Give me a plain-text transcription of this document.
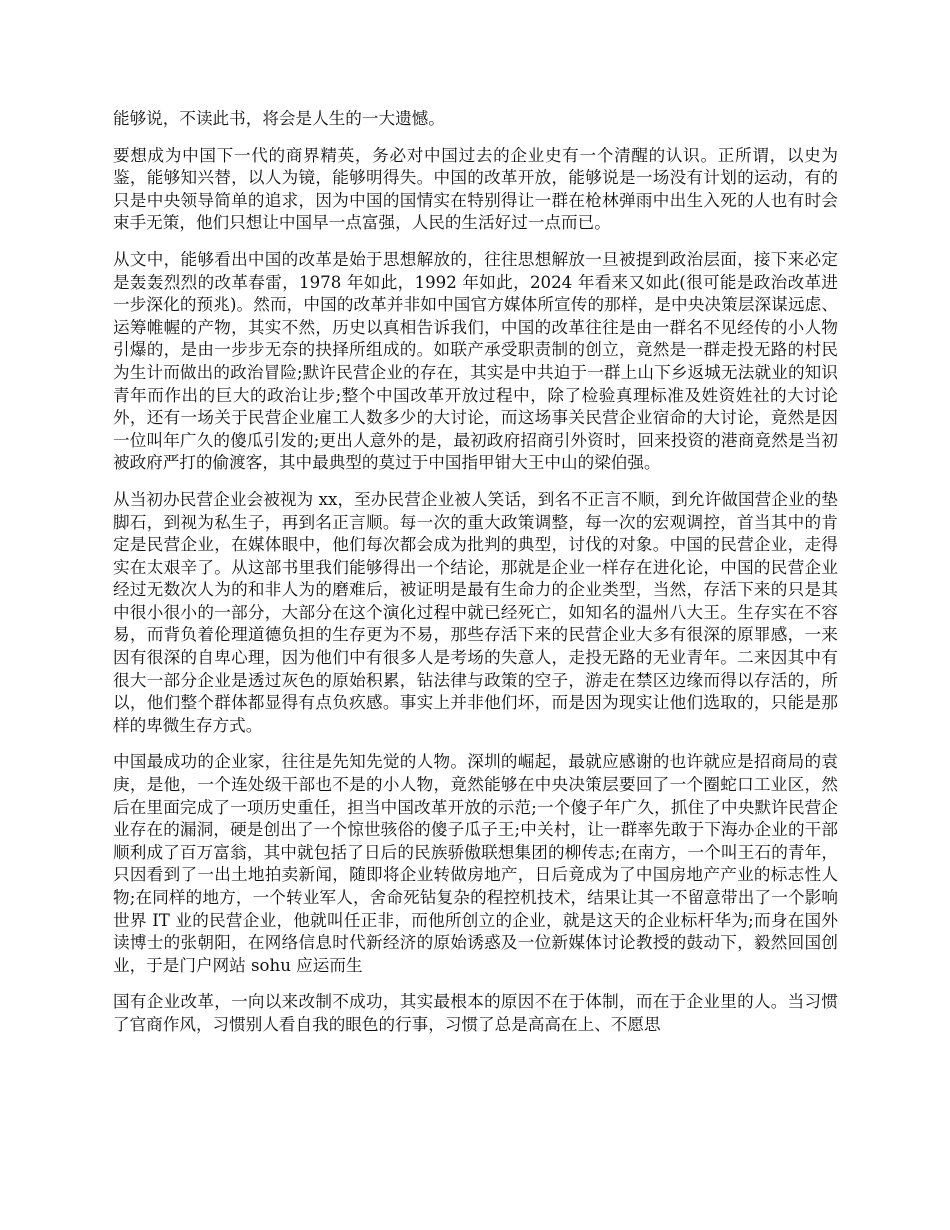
能够说，不读此书，将会是人生的一大遗憾。

要想成为中国下一代的商界精英，务必对中国过去的企业史有一个清醒的认识。正所谓，以史为鉴，能够知兴替，以人为镜，能够明得失。中国的改革开放，能够说是一场没有计划的运动，有的只是中央领导简单的追求，因为中国的国情实在特别得让一群在枪林弹雨中出生入死的人也有时会束手无策，他们只想让中国早一点富强，人民的生活好过一点而已。

从文中，能够看出中国的改革是始于思想解放的，往往思想解放一旦被提到政治层面，接下来必定是轰轰烈烈的改革春雷，1978 年如此，1992 年如此，2024 年看来又如此(很可能是政治改革进一步深化的预兆)。然而，中国的改革并非如中国官方媒体所宣传的那样，是中央决策层深谋远虑、运筹帷幄的产物，其实不然，历史以真相告诉我们，中国的改革往往是由一群名不见经传的小人物引爆的，是由一步步无奈的抉择所组成的。如联产承受职责制的创立，竟然是一群走投无路的村民为生计而做出的政治冒险;默许民营企业的存在，其实是中共迫于一群上山下乡返城无法就业的知识青年而作出的巨大的政治让步;整个中国改革开放过程中，除了检验真理标准及姓资姓社的大讨论外，还有一场关于民营企业雇工人数多少的大讨论，而这场事关民营企业宿命的大讨论，竟然是因一位叫年广久的傻瓜引发的;更出人意外的是，最初政府招商引外资时，回来投资的港商竟然是当初被政府严打的偷渡客，其中最典型的莫过于中国指甲钳大王中山的梁伯强。

从当初办民营企业会被视为 xx，至办民营企业被人笑话，到名不正言不顺，到允许做国营企业的垫脚石，到视为私生子，再到名正言顺。每一次的重大政策调整，每一次的宏观调控，首当其中的肯定是民营企业，在媒体眼中，他们每次都会成为批判的典型，讨伐的对象。中国的民营企业，走得实在太艰辛了。从这部书里我们能够得出一个结论，那就是企业一样存在进化论，中国的民营企业经过无数次人为的和非人为的磨难后，被证明是最有生命力的企业类型，当然，存活下来的只是其中很小很小的一部分，大部分在这个演化过程中就已经死亡，如知名的温州八大王。生存实在不容易，而背负着伦理道德负担的生存更为不易，那些存活下来的民营企业大多有很深的原罪感，一来因有很深的自卑心理，因为他们中有很多人是考场的失意人，走投无路的无业青年。二来因其中有很大一部分企业是透过灰色的原始积累，钻法律与政策的空子，游走在禁区边缘而得以存活的，所以，他们整个群体都显得有点负疚感。事实上并非他们坏，而是因为现实让他们选取的，只能是那样的卑微生存方式。

中国最成功的企业家，往往是先知先觉的人物。深圳的崛起，最就应感谢的也许就应是招商局的袁庚，是他，一个连处级干部也不是的小人物，竟然能够在中央决策层要回了一个圈蛇口工业区，然后在里面完成了一项历史重任，担当中国改革开放的示范;一个傻子年广久，抓住了中央默许民营企业存在的漏洞，硬是创出了一个惊世骇俗的傻子瓜子王;中关村，让一群率先敢于下海办企业的干部顺利成了百万富翁，其中就包括了日后的民族骄傲联想集团的柳传志;在南方，一个叫王石的青年，只因看到了一出土地拍卖新闻，随即将企业转做房地产，日后竟成为了中国房地产产业的标志性人物;在同样的地方，一个转业军人，舍命死钻复杂的程控机技术，结果让其一不留意带出了一个影响世界 IT 业的民营企业，他就叫任正非，而他所创立的企业，就是这天的企业标杆华为;而身在国外读博士的张朝阳，在网络信息时代新经济的原始诱惑及一位新媒体讨论教授的鼓动下，毅然回国创业，于是门户网站 sohu 应运而生

国有企业改革，一向以来改制不成功，其实最根本的原因不在于体制，而在于企业里的人。当习惯了官商作风，习惯别人看自我的眼色的行事，习惯了总是高高在上、不愿思
